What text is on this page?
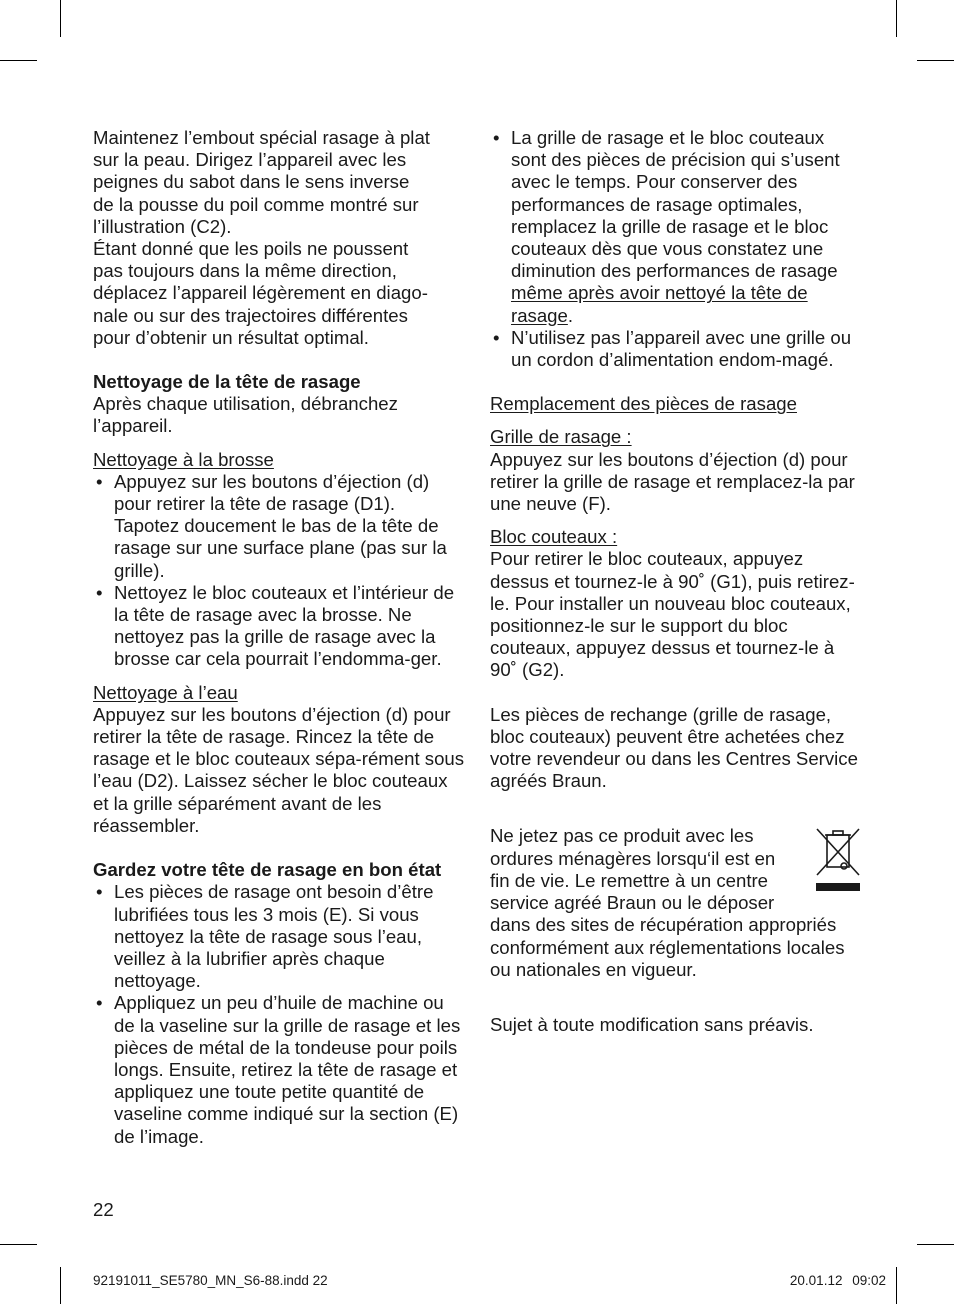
Maintenez l’embout spécial rasage à plat
sur la peau. Dirigez l’appareil avec les
peignes du sabot dans le sens inverse
de la pousse du poil comme montré sur
l’illustration (C2).
Étant donné que les poils ne poussent
pas toujours dans la même direction,
déplacez l’appareil légèrement en diago-
nale ou sur des trajectoires différentes
pour d’obtenir un résultat optimal.

Nettoyage de la tête de rasage

Après chaque utilisation, débranchez l’appareil.

Nettoyage à la brosse

• Appuyez sur les boutons d’éjection (d) pour retirer la tête de rasage (D1). Tapotez doucement le bas de la tête de rasage sur une surface plane (pas sur la grille).
• Nettoyez le bloc couteaux et l’intérieur de la tête de rasage avec la brosse. Ne nettoyez pas la grille de rasage avec la brosse car cela pourrait l’endomma-ger.

Nettoyage à l’eau

Appuyez sur les boutons d’éjection (d) pour retirer la tête de rasage. Rincez la tête de rasage et le bloc couteaux sépa-rément sous l’eau (D2). Laissez sécher le bloc couteaux et la grille séparément avant de les réassembler.

Gardez votre tête de rasage en bon état

• Les pièces de rasage ont besoin d’être lubrifiées tous les 3 mois (E). Si vous nettoyez la tête de rasage sous l’eau, veillez à la lubrifier après chaque nettoyage.
• Appliquez un peu d’huile de machine ou de la vaseline sur la grille de rasage et les pièces de métal de la tondeuse pour poils longs. Ensuite, retirez la tête de rasage et appliquez une toute petite quantité de vaseline comme indiqué sur la section (E) de l’image.
• La grille de rasage et le bloc couteaux sont des pièces de précision qui s’usent avec le temps. Pour conserver des performances de rasage optimales, remplacez la grille de rasage et le bloc couteaux dès que vous constatez une diminution des performances de rasage même après avoir nettoyé la tête de rasage.
• N’utilisez pas l’appareil avec une grille ou un cordon d’alimentation endom-magé.

Remplacement des pièces de rasage

Grille de rasage :

Appuyez sur les boutons d’éjection (d) pour retirer la grille de rasage et remplacez-la par une neuve (F).

Bloc couteaux :

Pour retirer le bloc couteaux, appuyez dessus et tournez-le à 90˚ (G1), puis retirez-le. Pour installer un nouveau bloc couteaux, positionnez-le sur le support du bloc couteaux, appuyez dessus et tournez-le à 90˚ (G2).

Les pièces de rechange (grille de rasage, bloc couteaux) peuvent être achetées chez votre revendeur ou dans les Centres Service agréés Braun.

Ne jetez pas ce produit avec les
ordures ménagères lorsqu‘il est en
fin de vie. Le remettre à un centre
service agréé Braun ou le déposer
dans des sites de récupération appropriés conformément aux réglementations locales ou nationales en vigueur.

Sujet à toute modification sans préavis.

22
92191011_SE5780_MN_S6-88.indd 22	20.01.12 09:02
